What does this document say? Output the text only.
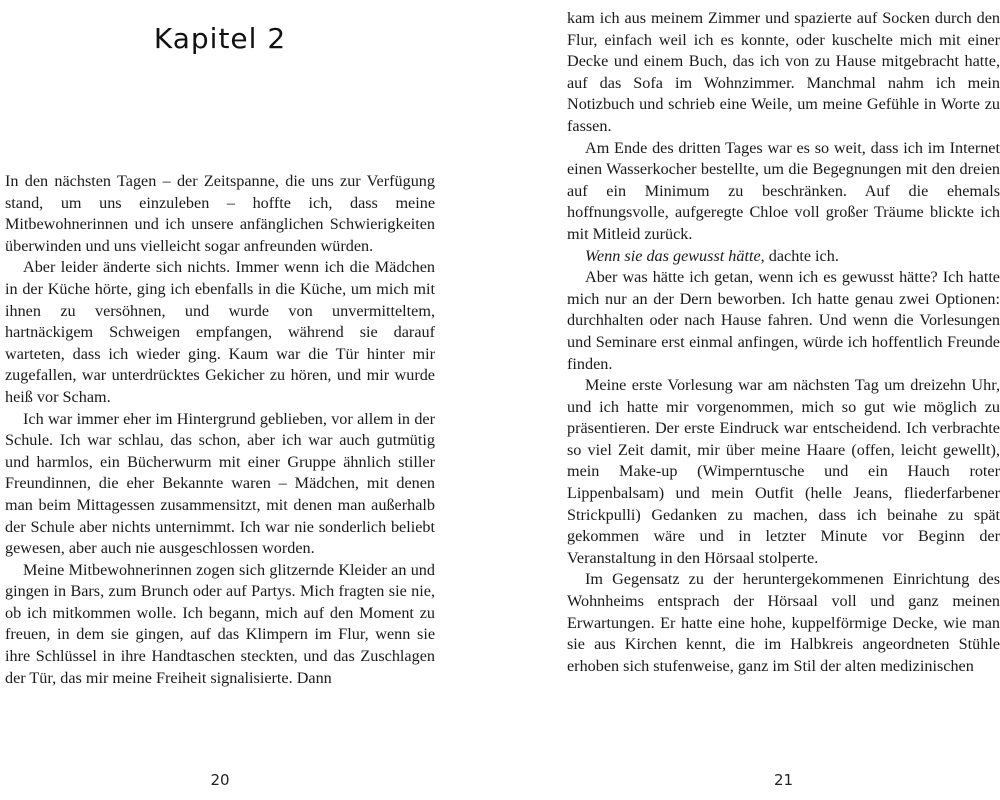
Kapitel 2

In den nächsten Tagen – der Zeitspanne, die uns zur Verfügung stand, um uns einzuleben – hoffte ich, dass meine Mitbewohnerinnen und ich unsere anfänglichen Schwierigkeiten überwinden und uns vielleicht sogar anfreunden würden.

Aber leider änderte sich nichts. Immer wenn ich die Mädchen in der Küche hörte, ging ich ebenfalls in die Küche, um mich mit ihnen zu versöhnen, und wurde von unvermitteltem, hartnäckigem Schweigen empfangen, während sie darauf warteten, dass ich wieder ging. Kaum war die Tür hinter mir zugefallen, war unterdrücktes Gekicher zu hören, und mir wurde heiß vor Scham.

Ich war immer eher im Hintergrund geblieben, vor allem in der Schule. Ich war schlau, das schon, aber ich war auch gutmütig und harmlos, ein Bücherwurm mit einer Gruppe ähnlich stiller Freundinnen, die eher Bekannte waren – Mädchen, mit denen man beim Mittagessen zusammensitzt, mit denen man außerhalb der Schule aber nichts unternimmt. Ich war nie sonderlich beliebt gewesen, aber auch nie ausgeschlossen worden.

Meine Mitbewohnerinnen zogen sich glitzernde Kleider an und gingen in Bars, zum Brunch oder auf Partys. Mich fragten sie nie, ob ich mitkommen wolle. Ich begann, mich auf den Moment zu freuen, in dem sie gingen, auf das Klimpern im Flur, wenn sie ihre Schlüssel in ihre Handtaschen steckten, und das Zuschlagen der Tür, das mir meine Freiheit signalisierte. Dann

20

kam ich aus meinem Zimmer und spazierte auf Socken durch den Flur, einfach weil ich es konnte, oder kuschelte mich mit einer Decke und einem Buch, das ich von zu Hause mitgebracht hatte, auf das Sofa im Wohnzimmer. Manchmal nahm ich mein Notizbuch und schrieb eine Weile, um meine Gefühle in Worte zu fassen.

Am Ende des dritten Tages war es so weit, dass ich im Internet einen Wasserkocher bestellte, um die Begegnungen mit den dreien auf ein Minimum zu beschränken. Auf die ehemals hoffnungsvolle, aufgeregte Chloe voll großer Träume blickte ich mit Mitleid zurück.

Wenn sie das gewusst hätte, dachte ich.

Aber was hätte ich getan, wenn ich es gewusst hätte? Ich hatte mich nur an der Dern beworben. Ich hatte genau zwei Optionen: durchhalten oder nach Hause fahren. Und wenn die Vorlesungen und Seminare erst einmal anfingen, würde ich hoffentlich Freunde finden.

Meine erste Vorlesung war am nächsten Tag um dreizehn Uhr, und ich hatte mir vorgenommen, mich so gut wie möglich zu präsentieren. Der erste Eindruck war entscheidend. Ich verbrachte so viel Zeit damit, mir über meine Haare (offen, leicht gewellt), mein Make-up (Wimperntusche und ein Hauch roter Lippenbalsam) und mein Outfit (helle Jeans, fliederfarbener Strickpulli) Gedanken zu machen, dass ich beinahe zu spät gekommen wäre und in letzter Minute vor Beginn der Veranstaltung in den Hörsaal stolperte.

Im Gegensatz zu der heruntergekommenen Einrichtung des Wohnheims entsprach der Hörsaal voll und ganz meinen Erwartungen. Er hatte eine hohe, kuppelförmige Decke, wie man sie aus Kirchen kennt, die im Halbkreis angeordneten Stühle erhoben sich stufenweise, ganz im Stil der alten medizinischen

21
